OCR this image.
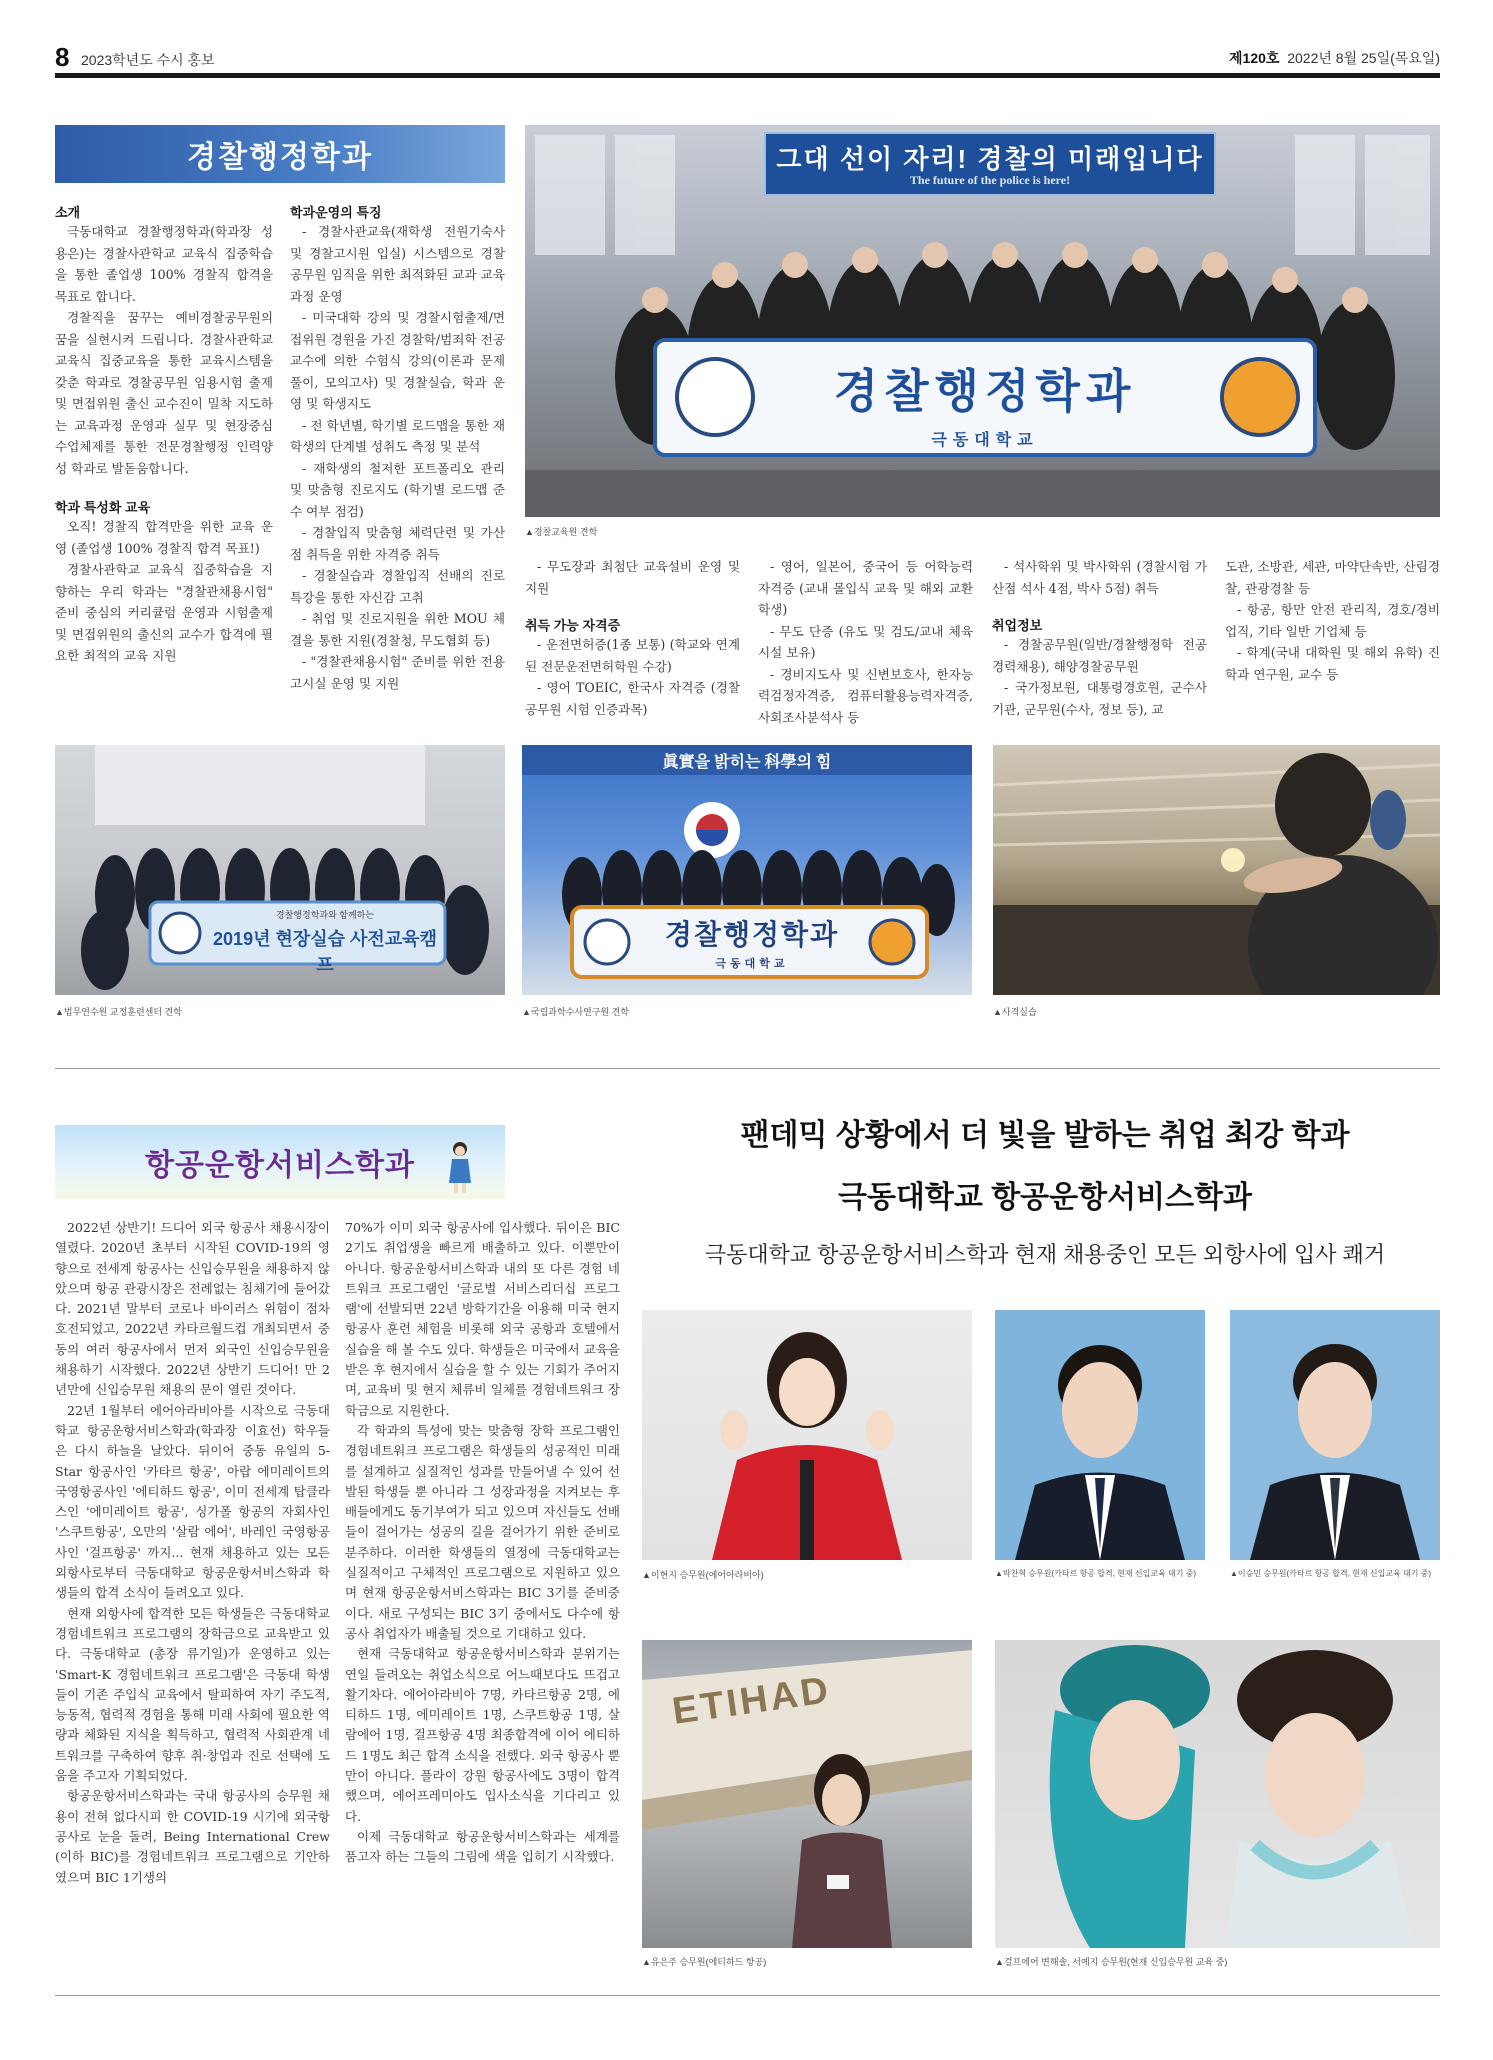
8 2023학년도 수시 홍보	제120호 2022년 8월 25일(목요일)
경찰행정학과
소개

극동대학교 경찰행정학과(학과장 성용은)는 경찰사관학교 교육식 집중학습을 통한 졸업생 100% 경찰직 합격을 목표로 합니다.

경찰직을 꿈꾸는 예비경찰공무원의 꿈을 실현시켜 드립니다. 경찰사관학교 교육식 집중교육을 통한 교육시스템을 갖춘 학과로 경찰공무원 임용시험 출제 및 면접위원 출신 교수진이 밀착 지도하는 교육과정 운영과 실무 및 현장중심 수업체제를 통한 전문경찰행정 인력양성 학과로 발돋움합니다.

학과 특성화 교육

오직! 경찰직 합격만을 위한 교육 운영 (졸업생 100% 경찰직 합격 목표!)

경찰사관학교 교육식 집중학습을 지향하는 우리 학과는 "경찰관채용시험" 준비 중심의 커리큘럼 운영과 시험출제 및 면접위원의 출신의 교수가 합격에 필요한 최적의 교육 지원

학과운영의 특징

- 경찰사관교육(재학생 전원기숙사 및 경찰고시원 입실) 시스템으로 경찰공무원 임직을 위한 최적화된 교과 교육과정 운영

- 미국대학 강의 및 경찰시험출제/면접위원 경원을 가진 경찰학/범죄학 전공 교수에 의한 수험식 강의(이론과 문제풀이, 모의고사) 및 경찰실습, 학과 운영 및 학생지도

- 전 학년별, 학기별 로드맵을 통한 재학생의 단계별 성취도 측정 및 분석

- 재학생의 철저한 포트폴리오 관리 및 맞춤형 진로지도 (학기별 로드맵 준수 여부 점검)

- 경찰입직 맞춤형 체력단련 및 가산점 취득을 위한 자격증 취득

- 경찰실습과 경찰입직 선배의 진로 특강을 통한 자신감 고취

- 취업 및 진로지원을 위한 MOU 체결을 통한 지원(경찰청, 무도협회 등)

- "경찰관채용시험" 준비를 위한 전용고시실 운영 및 지원

그대 선이 자리! 경찰의 미래입니다
The future of the police is here!
경찰행정학과
극동대학교
▲경찰교육원 견학

- 무도장과 최첨단 교육설비 운영 및 지원

취득 가능 자격증

- 운전면허증(1종 보통) (학교와 연계된 전문운전면허학원 수강)

- 영어 TOEIC, 한국사 자격증 (경찰공무원 시험 인증과목)

- 영어, 일본어, 중국어 등 어학능력 자격증 (교내 몰입식 교육 및 해외 교환학생)

- 무도 단증 (유도 및 검도/교내 체육 시설 보유)

- 경비지도사 및 신변보호사, 한자능력검정자격증, 컴퓨터활용능력자격증, 사회조사분석사 등

- 석사학위 및 박사학위 (경찰시험 가산점 석사 4점, 박사 5점) 취득

취업정보

- 경찰공무원(일반/경찰행정학 전공 경력채용), 해양경찰공무원

- 국가정보원, 대통령경호원, 군수사기관, 군무원(수사, 정보 등), 교

도관, 소방관, 세관, 마약단속반, 산림경찰, 관광경찰 등

- 항공, 항만 안전 관리직, 경호/경비업직, 기타 일반 기업체 등

- 학계(국내 대학원 및 해외 유학) 진학과 연구원, 교수 등

경찰행정학과와 함께하는
2019년 현장실습 사전교육캠프
▲법무연수원 교정훈련센터 견학
眞實을 밝히는 科學의 힘
경찰행정학과
극동대학교
▲국립과학수사연구원 견학	▲사격실습
항공운항서비스학과
팬데믹 상황에서 더 빛을 발하는 취업 최강 학과
극동대학교 항공운항서비스학과
극동대학교 항공운항서비스학과 현재 채용중인 모든 외항사에 입사 쾌거

2022년 상반기! 드디어 외국 항공사 채용시장이 열렸다. 2020년 초부터 시작된 COVID-19의 영향으로 전세계 항공사는 신입승무원을 채용하지 않았으며 항공 관광시장은 전례없는 침체기에 들어갔다. 2021년 말부터 코로나 바이러스 위험이 점차 호전되었고, 2022년 카타르월드컵 개최되면서 중동의 여러 항공사에서 먼저 외국인 신입승무원을 채용하기 시작했다. 2022년 상반기 드디어! 만 2년만에 신입승무원 채용의 문이 열린 것이다.

22년 1월부터 에어아라비아를 시작으로 극동대학교 항공운항서비스학과(학과장 이효선) 학우들은 다시 하늘을 날았다. 뒤이어 중동 유일의 5-Star 항공사인 '카타르 항공', 아랍 에미레이트의 국영항공사인 '에티하드 항공', 이미 전세계 탑클라스인 '에미레이트 항공', 싱가폴 항공의 자회사인 '스쿠트항공', 오만의 '살람 에어', 바레인 국영항공사인 '걸프항공' 까지... 현재 채용하고 있는 모든 외항사로부터 극동대학교 항공운항서비스학과 학생들의 합격 소식이 들려오고 있다.

현재 외항사에 합격한 모든 학생들은 극동대학교 경험네트워크 프로그램의 장학금으로 교육받고 있다. 극동대학교 (총장 류기일)가 운영하고 있는 'Smart-K 경험네트워크 프로그램'은 극동대 학생들이 기존 주입식 교육에서 탈피하여 자기 주도적, 능동적, 협력적 경험을 통해 미래 사회에 필요한 역량과 체화된 지식을 획득하고, 협력적 사회관계 네트워크를 구축하여 향후 취·창업과 진로 선택에 도움을 주고자 기획되었다.

항공운항서비스학과는 국내 항공사의 승무원 채용이 전혀 없다시피 한 COVID-19 시기에 외국항공사로 눈을 돌려, Being International Crew (이하 BIC)를 경험네트워크 프로그램으로 기안하였으며 BIC 1기생의

70%가 이미 외국 항공사에 입사했다. 뒤이은 BIC 2기도 취업생을 빠르게 배출하고 있다. 이뿐만이 아니다. 항공운항서비스학과 내의 또 다른 경험 네트워크 프로그램인 '글로벌 서비스리더십 프로그램'에 선발되면 22년 방학기간을 이용해 미국 현지 항공사 훈련 체험을 비롯해 외국 공항과 호텔에서 실습을 해 볼 수도 있다. 학생들은 미국에서 교육을 받은 후 현지에서 실습을 할 수 있는 기회가 주어지며, 교육비 및 현지 체류비 일체를 경험네트워크 장학금으로 지원한다.

각 학과의 특성에 맞는 맞춤형 장학 프로그램인 경험네트워크 프로그램은 학생들의 성공적인 미래를 설계하고 실질적인 성과를 만들어낼 수 있어 선발된 학생들 뿐 아니라 그 성장과정을 지켜보는 후배들에게도 동기부여가 되고 있으며 자신들도 선배들이 걸어가는 성공의 길을 걸어가기 위한 준비로 분주하다. 이러한 학생들의 열정에 극동대학교는 실질적이고 구체적인 프로그램으로 지원하고 있으며 현재 항공운항서비스학과는 BIC 3기를 준비중이다. 새로 구성되는 BIC 3기 중에서도 다수에 항공사 취업자가 배출될 것으로 기대하고 있다.

현재 극동대학교 항공운항서비스학과 분위기는 연일 들려오는 취업소식으로 어느때보다도 뜨겁고 활기차다. 에어아라비아 7명, 카타르항공 2명, 에티하드 1명, 에미레이트 1명, 스쿠트항공 1명, 살람에어 1명, 걸프항공 4명 최종합격에 이어 에티하드 1명도 최근 합격 소식을 전했다. 외국 항공사 뿐만이 아니다. 플라이 강원 항공사에도 3명이 합격했으며, 에어프레미아도 입사소식을 기다리고 있다.

이제 극동대학교 항공운항서비스학과는 세계를 품고자 하는 그들의 그림에 색을 입히기 시작했다.

▲이현지 승무원(에어아라비아)	▲박찬혁 승무원(카타르 항공 합격, 현재 신입교육 대기 중)	▲이승민 승무원(카타르 항공 합격, 현재 신입교육 대기 중)
ETIHAD
▲유은주 승무원(에티하드 항공)	▲걸프에어 변해솔, 서예지 승무원(현재 신입승무원 교육 중)
